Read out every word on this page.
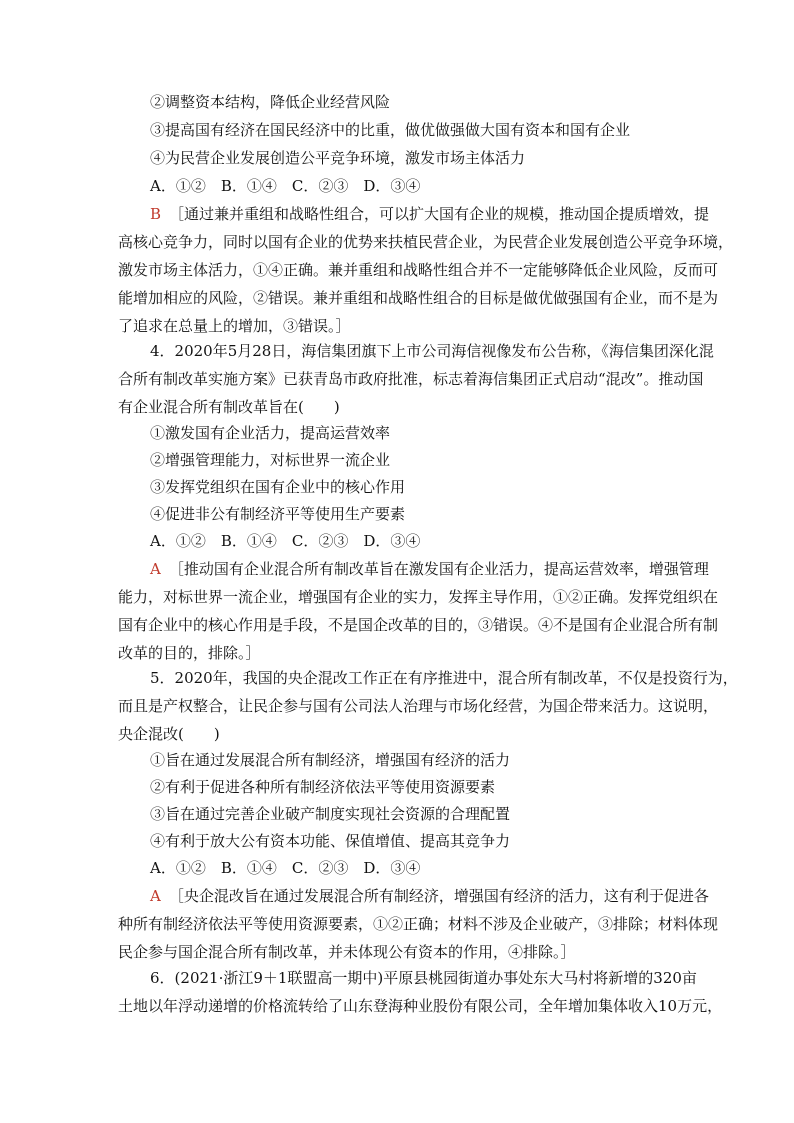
②调整资本结构，降低企业经营风险
③提高国有经济在国民经济中的比重，做优做强做大国有资本和国有企业
④为民营企业发展创造公平竞争环境，激发市场主体活力
A．①②　B．①④　C．②③　D．③④
B ［通过兼并重组和战略性组合，可以扩大国有企业的规模，推动国企提质增效，提
高核心竞争力，同时以国有企业的优势来扶植民营企业，为民营企业发展创造公平竞争环境，
激发市场主体活力，①④正确。兼并重组和战略性组合并不一定能够降低企业风险，反而可
能增加相应的风险，②错误。兼并重组和战略性组合的目标是做优做强国有企业，而不是为
了追求在总量上的增加，③错误。］
4．2020年5月28日，海信集团旗下上市公司海信视像发布公告称，《海信集团深化混
合所有制改革实施方案》已获青岛市政府批准，标志着海信集团正式启动“混改”。推动国
有企业混合所有制改革旨在(　　)
①激发国有企业活力，提高运营效率
②增强管理能力，对标世界一流企业
③发挥党组织在国有企业中的核心作用
④促进非公有制经济平等使用生产要素
A．①②　B．①④　C．②③　D．③④
A ［推动国有企业混合所有制改革旨在激发国有企业活力，提高运营效率，增强管理
能力，对标世界一流企业，增强国有企业的实力，发挥主导作用，①②正确。发挥党组织在
国有企业中的核心作用是手段，不是国企改革的目的，③错误。④不是国有企业混合所有制
改革的目的，排除。］
5．2020年，我国的央企混改工作正在有序推进中，混合所有制改革，不仅是投资行为，
而且是产权整合，让民企参与国有公司法人治理与市场化经营，为国企带来活力。这说明，
央企混改(　　)
①旨在通过发展混合所有制经济，增强国有经济的活力
②有利于促进各种所有制经济依法平等使用资源要素
③旨在通过完善企业破产制度实现社会资源的合理配置
④有利于放大公有资本功能、保值增值、提高其竞争力
A．①②　B．①④　C．②③　D．③④
A ［央企混改旨在通过发展混合所有制经济，增强国有经济的活力，这有利于促进各
种所有制经济依法平等使用资源要素，①②正确；材料不涉及企业破产，③排除；材料体现
民企参与国企混合所有制改革，并未体现公有资本的作用，④排除。］
6．(2021·浙江9＋1联盟高一期中)平原县桃园街道办事处东大马村将新增的320亩
土地以年浮动递增的价格流转给了山东登海种业股份有限公司，全年增加集体收入10万元，
